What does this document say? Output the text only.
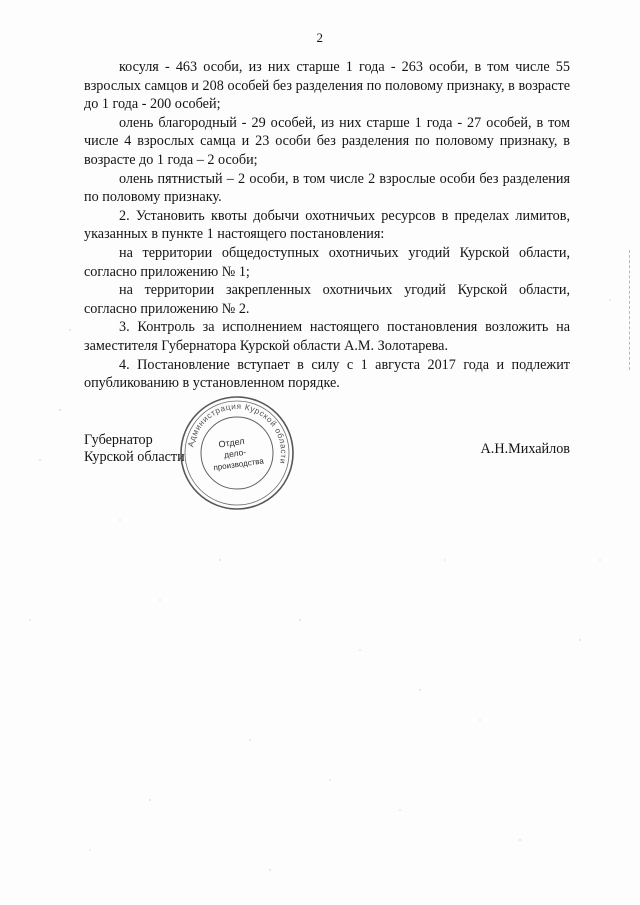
2

косуля - 463 особи, из них старше 1 года - 263 особи, в том числе 55 взрослых самцов и 208 особей без разделения по половому признаку, в возрасте до 1 года - 200 особей;

олень благородный - 29 особей, из них старше 1 года - 27 особей, в том числе 4 взрослых самца и 23 особи без разделения по половому признаку, в возрасте до 1 года – 2 особи;

олень пятнистый – 2 особи, в том числе 2 взрослые особи без разделения по половому признаку.

2. Установить квоты добычи охотничьих ресурсов в пределах лимитов, указанных в пункте 1 настоящего постановления:

на территории общедоступных охотничьих угодий Курской области, согласно приложению № 1;

на территории закрепленных охотничьих угодий Курской области, согласно приложению № 2.

3. Контроль за исполнением настоящего постановления возложить на заместителя Губернатора Курской области А.М. Золотарева.

4. Постановление вступает в силу с 1 августа 2017 года и подлежит опубликованию в установленном порядке.

Губернатор
Курской области	А.Н.Михайлов
Администрация Курской области
Отдел
дело-
производства
